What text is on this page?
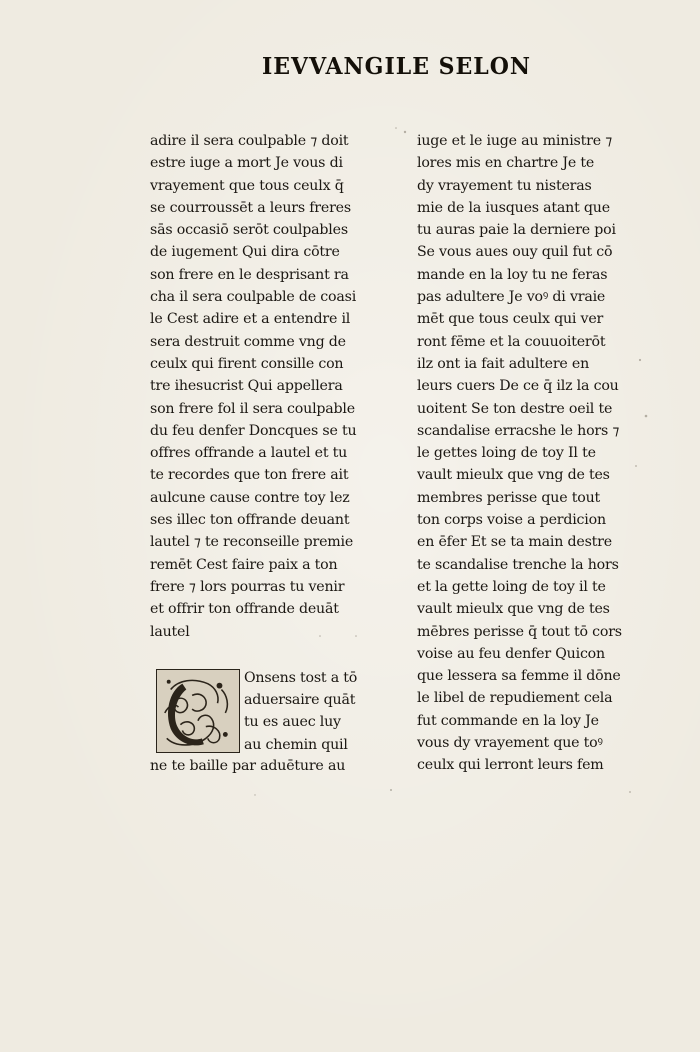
IEVVANGILE SELON
adire il sera coulpable ⁊ doit
estre iuge a mort Je vous di
vrayement que tous ceulx q̄
se courroussēt a leurs freres
sās occasiō serōt coulpables
de iugement Qui dira cōtre
son frere en le desprisant ra
cha il sera coulpable de coasi
le Cest adire et a entendre il
sera destruit comme vng de
ceulx qui firent consille con
tre ihesucrist Qui appellera
son frere fol il sera coulpable
du feu denfer Doncques se tu
offres offrande a lautel et tu
te recordes que ton frere ait
aulcune cause contre toy lez
ses illec ton offrande deuant
lautel ⁊ te reconseille premie
remēt Cest faire paix a ton
frere ⁊ lors pourras tu venir
et offrir ton offrande deuāt
lautel
Onsens tost a tō
aduersaire quāt
tu es auec luy
au chemin quil
ne te baille par aduēture au
iuge et le iuge au ministre ⁊
lores mis en chartre Je te
dy vrayement tu nisteras
mie de la iusques atant que
tu auras paie la derniere poi
Se vous aues ouy quil fut cō
mande en la loy tu ne feras
pas adultere Je voꝰ di vraie
mēt que tous ceulx qui ver
ront fēme et la couuoiterōt
ilz ont ia fait adultere en
leurs cuers De ce q̄ ilz la cou
uoitent Se ton destre oeil te
scandalise erracshe le hors ⁊
le gettes loing de toy Il te
vault mieulx que vng de tes
membres perisse que tout
ton corps voise a perdicion
en ēfer Et se ta main destre
te scandalise trenche la hors
et la gette loing de toy il te
vault mieulx que vng de tes
mēbres perisse q̄ tout tō cors
voise au feu denfer Quicon
que lessera sa femme il dōne
le libel de repudiement cela
fut commande en la loy Je
vous dy vrayement que toꝰ
ceulx qui lerront leurs fem
